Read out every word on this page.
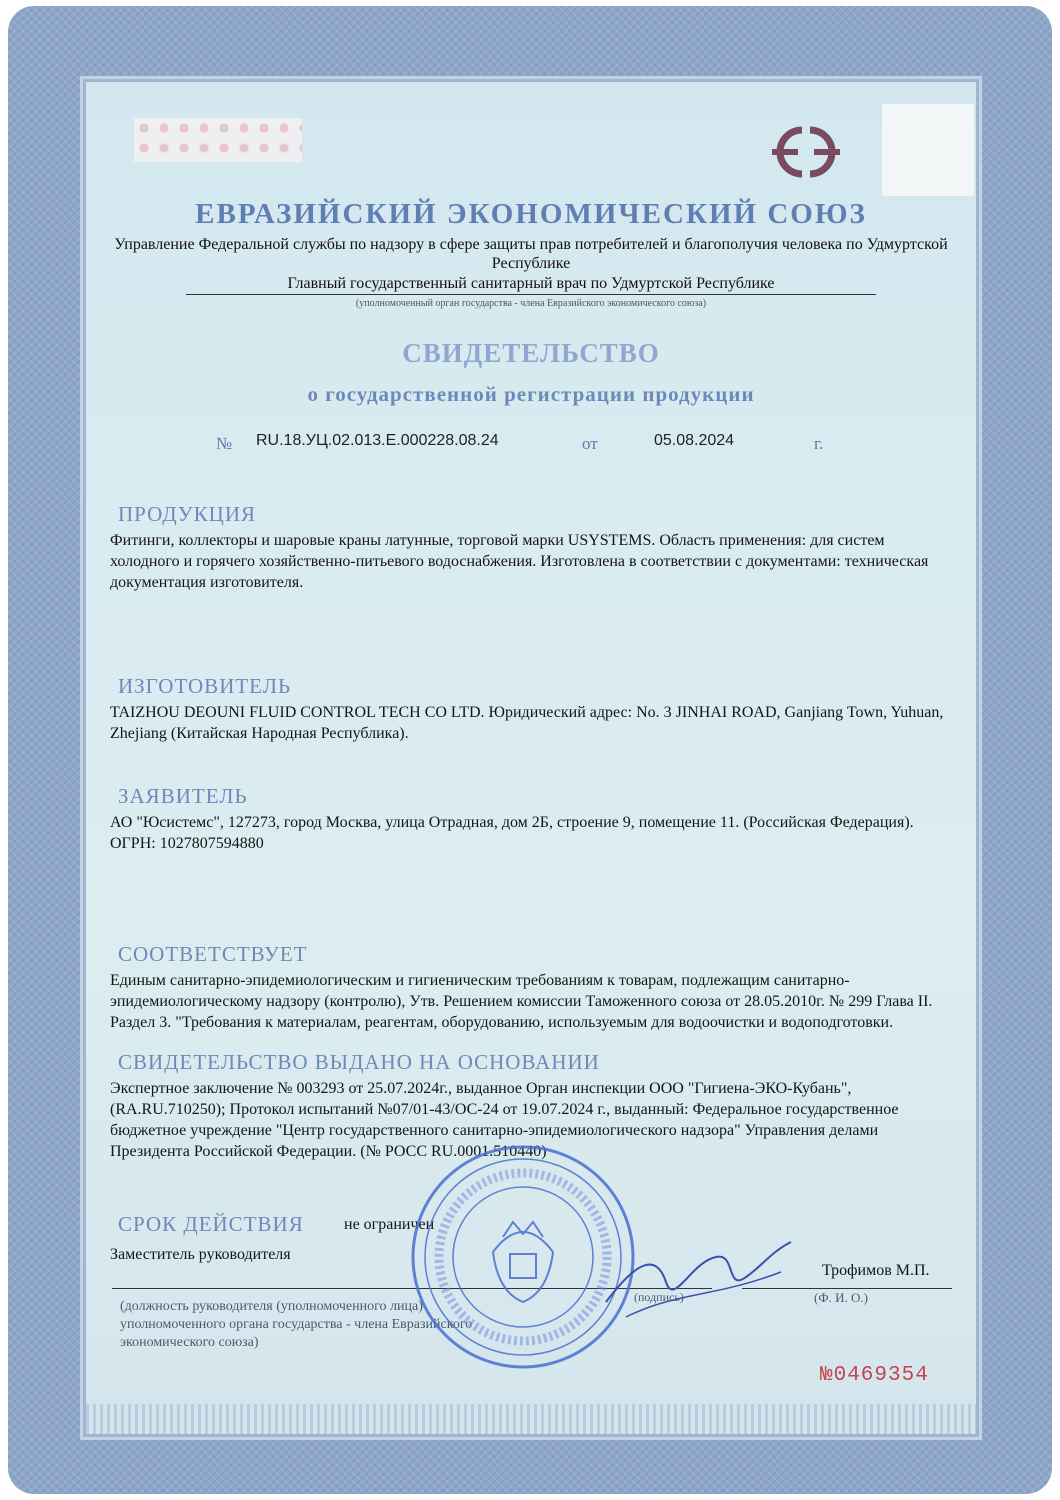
ЕВРАЗИЙСКИЙ ЭКОНОМИЧЕСКИЙ СОЮЗ
Управление Федеральной службы по надзору в сфере защиты прав потребителей и благополучия человека по Удмуртской Республике
Главный государственный санитарный врач по Удмуртской Республике
(уполномоченный орган государства - члена Евразийского экономического союза)
СВИДЕТЕЛЬСТВО
о государственной регистрации продукции
№ RU.18.УЦ.02.013.Е.000228.08.24	от	05.08.2024	г.
ПРОДУКЦИЯ
Фитинги, коллекторы и шаровые краны латунные, торговой марки USYSTEMS. Область применения: для систем холодного и горячего хозяйственно-питьевого водоснабжения. Изготовлена в соответствии с документами: техническая документация изготовителя.
ИЗГОТОВИТЕЛЬ
TAIZHOU DEOUNI FLUID CONTROL TECH CO LTD. Юридический адрес: No. 3 JINHAI ROAD, Ganjiang Town, Yuhuan, Zhejiang (Китайская Народная Республика).
ЗАЯВИТЕЛЬ
АО "Юсистемс", 127273, город Москва, улица Отрадная, дом 2Б, строение 9, помещение 11. (Российская Федерация). ОГРН: 1027807594880
СООТВЕТСТВУЕТ
Единым санитарно-эпидемиологическим и гигиеническим требованиям к товарам, подлежащим санитарно-эпидемиологическому надзору (контролю), Утв. Решением комиссии Таможенного союза от 28.05.2010г. № 299 Глава II. Раздел 3. "Требования к материалам, реагентам, оборудованию, используемым для водоочистки и водоподготовки.
СВИДЕТЕЛЬСТВО ВЫДАНО НА ОСНОВАНИИ
Экспертное заключение № 003293 от 25.07.2024г., выданное Орган инспекции ООО "Гигиена-ЭКО-Кубань", (RA.RU.710250); Протокол испытаний №07/01-43/ОС-24 от 19.07.2024 г., выданный: Федеральное государственное бюджетное учреждение "Центр государственного санитарно-эпидемиологического надзора" Управления делами Президента Российской Федерации. (№ РОСС RU.0001.510440)
СРОК ДЕЙСТВИЯ	не ограничен
Заместитель руководителя
Трофимов М.П.
(должность руководителя (уполномоченного лица) уполномоченного органа государства - члена Евразийского экономического союза)
(подпись)	(Ф. И. О.)
№0469354
